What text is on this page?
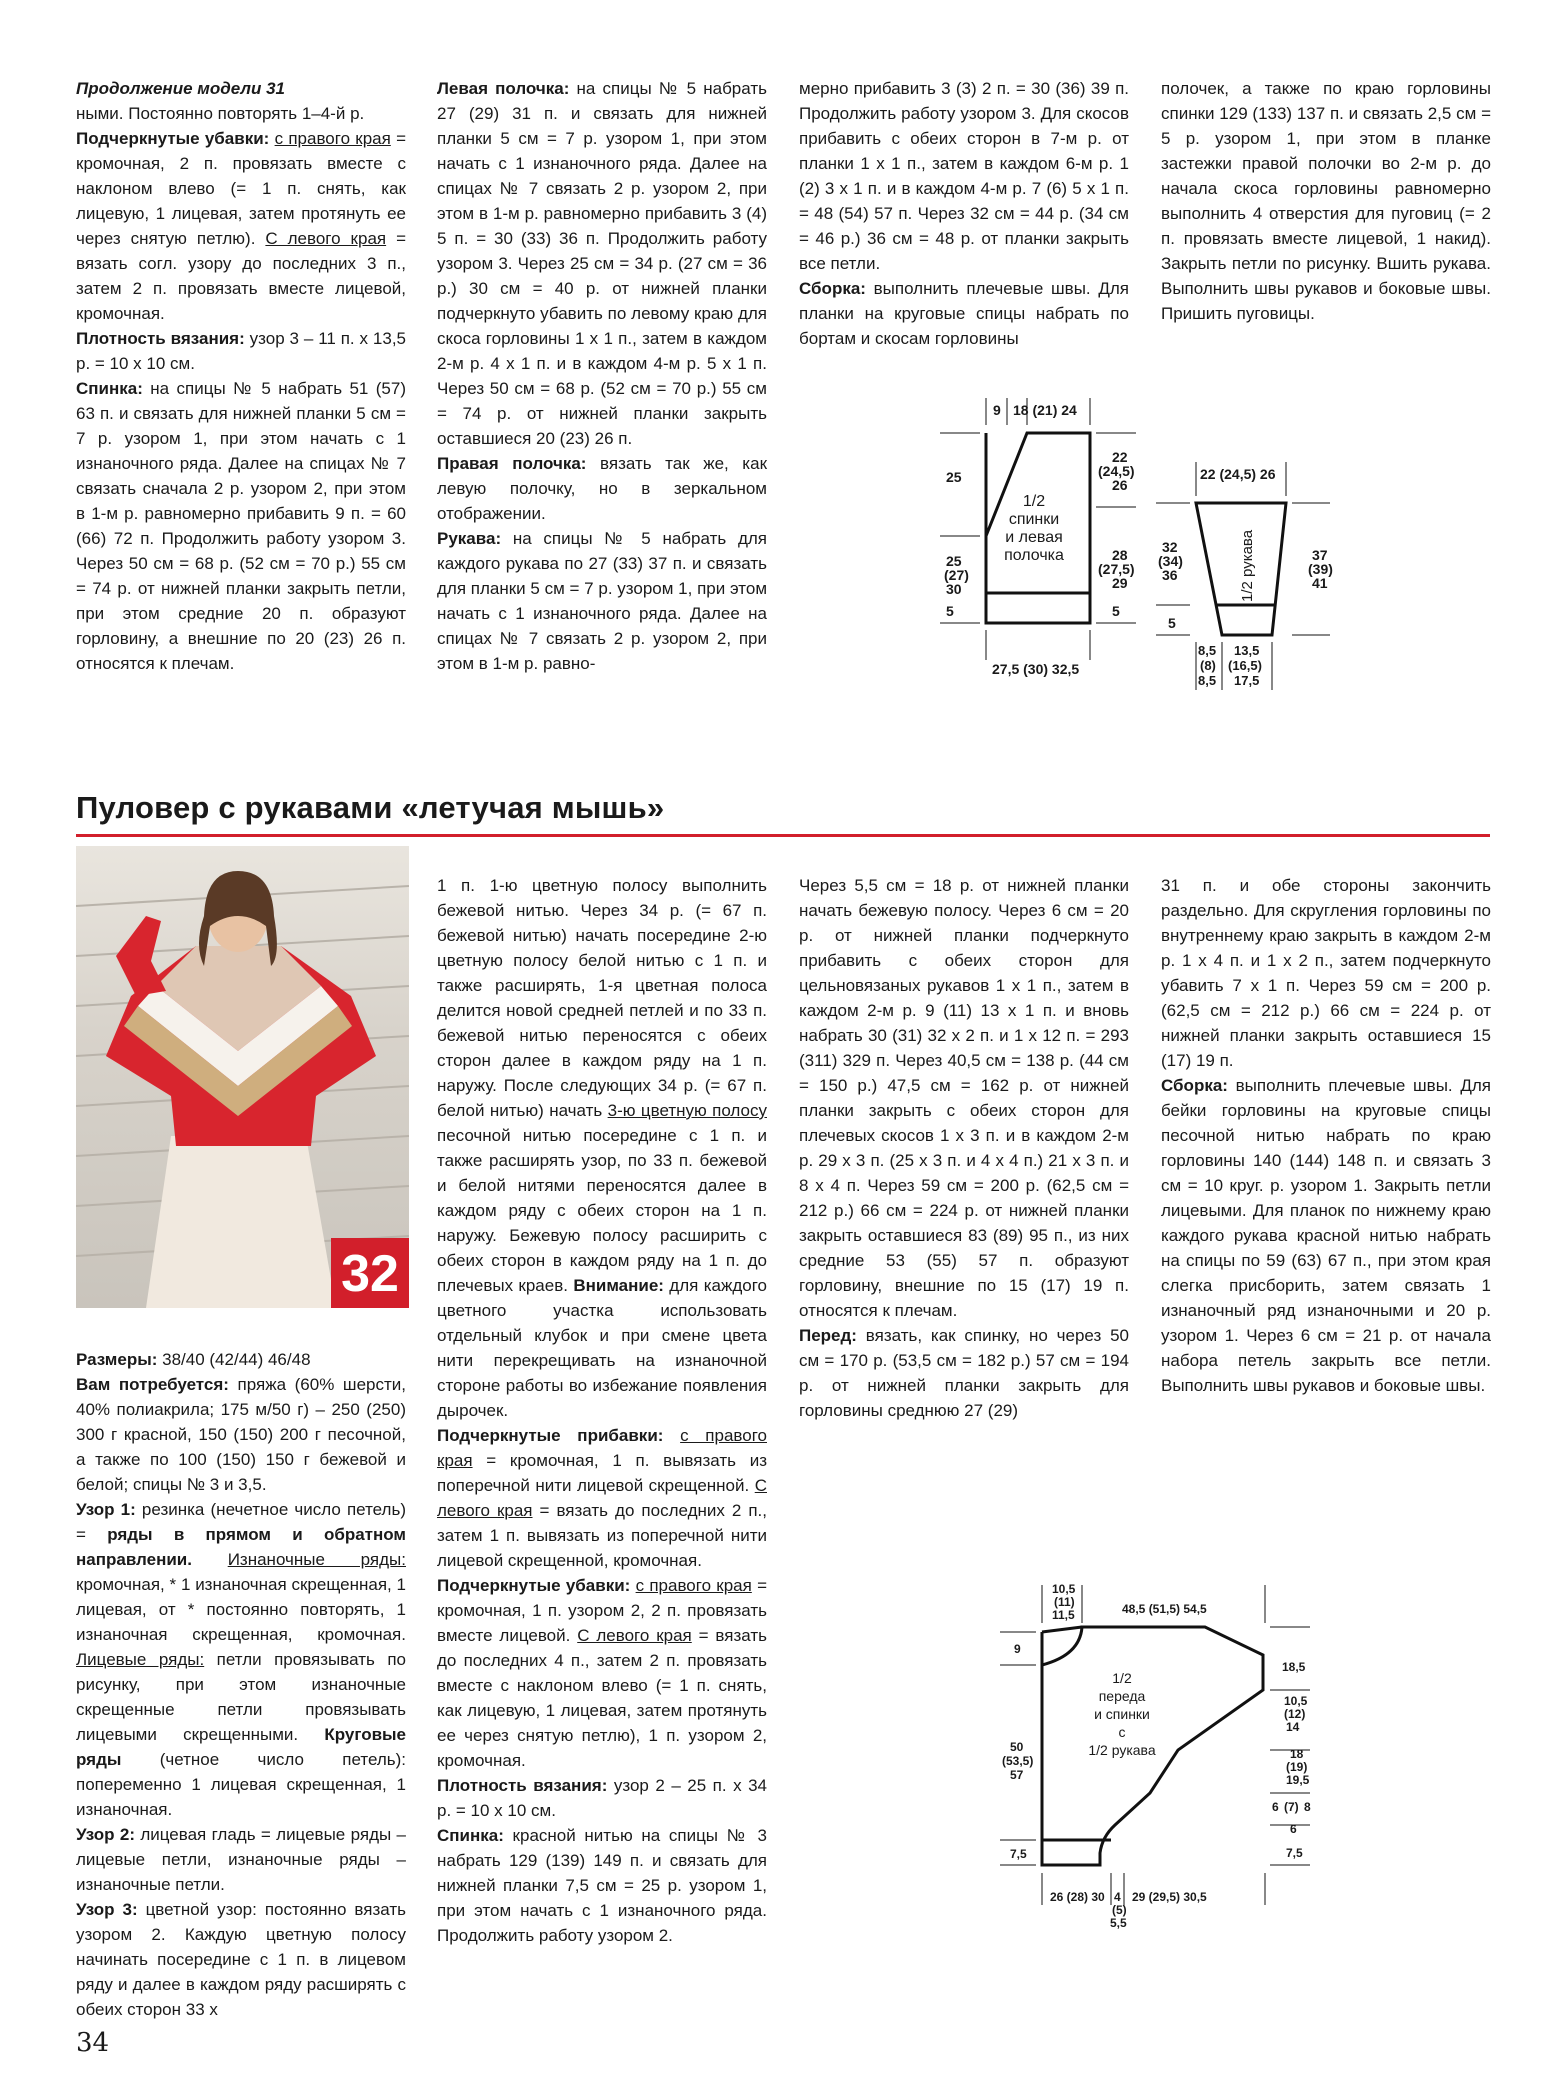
Продолжение модели 31

ными. Постоянно повторять 1–4-й р.

Подчеркнутые убавки: с правого края = кромочная, 2 п. провязать вместе с наклоном влево (= 1 п. снять, как лицевую, 1 лицевая, затем протянуть ее через снятую петлю). С левого края = вязать согл. узору до последних 3 п., затем 2 п. провязать вместе лицевой, кромочная.

Плотность вязания: узор 3 – 11 п. х 13,5 р. = 10 х 10 см.

Спинка: на спицы № 5 набрать 51 (57) 63 п. и связать для нижней планки 5 см = 7 р. узором 1, при этом начать с 1 изнаночного ряда. Далее на спицах № 7 связать сначала 2 р. узором 2, при этом в 1-м р. равномерно прибавить 9 п. = 60 (66) 72 п. Продолжить работу узором 3. Через 50 см = 68 р. (52 см = 70 р.) 55 см = 74 р. от нижней планки закрыть петли, при этом средние 20 п. образуют горловину, а внешние по 20 (23) 26 п. относятся к плечам.

Левая полочка: на спицы № 5 набрать 27 (29) 31 п. и связать для нижней планки 5 см = 7 р. узором 1, при этом начать с 1 изнаночного ряда. Далее на спицах № 7 связать 2 р. узором 2, при этом в 1-м р. равномерно прибавить 3 (4) 5 п. = 30 (33) 36 п. Продолжить работу узором 3. Через 25 см = 34 р. (27 см = 36 р.) 30 см = 40 р. от нижней планки подчеркнуто убавить по левому краю для скоса горловины 1 х 1 п., затем в каждом 2-м р. 4 х 1 п. и в каждом 4-м р. 5 х 1 п. Через 50 см = 68 р. (52 см = 70 р.) 55 см = 74 р. от нижней планки закрыть оставшиеся 20 (23) 26 п.

Правая полочка: вязать так же, как левую полочку, но в зеркальном отображении.

Рукава: на спицы № 5 набрать для каждого рукава по 27 (33) 37 п. и связать для планки 5 см = 7 р. узором 1, при этом начать с 1 изнаночного ряда. Далее на спицах № 7 связать 2 р. узором 2, при этом в 1-м р. равно-

мерно прибавить 3 (3) 2 п. = 30 (36) 39 п. Продолжить работу узором 3. Для скосов прибавить с обеих сторон в 7-м р. от планки 1 х 1 п., затем в каждом 6-м р. 1 (2) 3 х 1 п. и в каждом 4-м р. 7 (6) 5 х 1 п. = 48 (54) 57 п. Через 32 см = 44 р. (34 см = 46 р.) 36 см = 48 р. от планки закрыть все петли.

Сборка: выполнить плечевые швы. Для планки на круговые спицы набрать по бортам и скосам горловины

полочек, а также по краю горловины спинки 129 (133) 137 п. и связать 2,5 см = 5 р. узором 1, при этом в планке застежки правой полочки во 2-м р. до начала скоса горловины равномерно выполнить 4 отверстия для пуговиц (= 2 п. провязать вместе лицевой, 1 накид). Закрыть петли по рисунку. Вшить рукава. Выполнить швы рукавов и боковые швы. Пришить пуговицы.

9 18 (21) 24
25
25
(27)
30
5
22
(24,5)
26
28
(27,5)
29
5
27,5 (30) 32,5
1/2
спинки
и левая
полочка
22 (24,5) 26
32
(34)
36
5
37
(39)
41
8,5
(8)
8,5
13,5
(16,5)
17,5
1/2 рукава
Пуловер с рукавами «летучая мышь»
32

Размеры: 38/40 (42/44) 46/48

Вам потребуется: пряжа (60% шерсти, 40% полиакрила; 175 м/50 г) – 250 (250) 300 г красной, 150 (150) 200 г песочной, а также по 100 (150) 150 г бежевой и белой; спицы № 3 и 3,5.

Узор 1: резинка (нечетное число петель) = ряды в прямом и обратном направлении. Изнаночные ряды: кромочная, * 1 изнаночная скрещенная, 1 лицевая, от * постоянно повторять, 1 изнаночная скрещенная, кромочная. Лицевые ряды: петли провязывать по рисунку, при этом изнаночные скрещенные петли провязывать лицевыми скрещенными. Круговые ряды (четное число петель): попеременно 1 лицевая скрещенная, 1 изнаночная.

Узор 2: лицевая гладь = лицевые ряды – лицевые петли, изнаночные ряды – изнаночные петли.

Узор 3: цветной узор: постоянно вязать узором 2. Каждую цветную полосу начинать посередине с 1 п. в лицевом ряду и далее в каждом ряду расширять с обеих сторон 33 х

1 п. 1-ю цветную полосу выполнить бежевой нитью. Через 34 р. (= 67 п. бежевой нитью) начать посередине 2-ю цветную полосу белой нитью с 1 п. и также расширять, 1-я цветная полоса делится новой средней петлей и по 33 п. бежевой нитью переносятся с обеих сторон далее в каждом ряду на 1 п. наружу. После следующих 34 р. (= 67 п. белой нитью) начать 3-ю цветную полосу песочной нитью посередине с 1 п. и также расширять узор, по 33 п. бежевой и белой нитями переносятся далее в каждом ряду с обеих сторон на 1 п. наружу. Бежевую полосу расширить с обеих сторон в каждом ряду на 1 п. до плечевых краев. Внимание: для каждого цветного участка использовать отдельный клубок и при смене цвета нити перекрещивать на изнаночной стороне работы во избежание появления дырочек.

Подчеркнутые прибавки: с правого края = кромочная, 1 п. вывязать из поперечной нити лицевой скрещенной. С левого края = вязать до последних 2 п., затем 1 п. вывязать из поперечной нити лицевой скрещенной, кромочная.

Подчеркнутые убавки: с правого края = кромочная, 1 п. узором 2, 2 п. провязать вместе лицевой. С левого края = вязать до последних 4 п., затем 2 п. провязать вместе с наклоном влево (= 1 п. снять, как лицевую, 1 лицевая, затем протянуть ее через снятую петлю), 1 п. узором 2, кромочная.

Плотность вязания: узор 2 – 25 п. х 34 р. = 10 х 10 см.

Спинка: красной нитью на спицы № 3 набрать 129 (139) 149 п. и связать для нижней планки 7,5 см = 25 р. узором 1, при этом начать с 1 изнаночного ряда. Продолжить работу узором 2.

Через 5,5 см = 18 р. от нижней планки начать бежевую полосу. Через 6 см = 20 р. от нижней планки подчеркнуто прибавить с обеих сторон для цельновязаных рукавов 1 х 1 п., затем в каждом 2-м р. 9 (11) 13 х 1 п. и вновь набрать 30 (31) 32 х 2 п. и 1 х 12 п. = 293 (311) 329 п. Через 40,5 см = 138 р. (44 см = 150 р.) 47,5 см = 162 р. от нижней планки закрыть с обеих сторон для плечевых скосов 1 х 3 п. и в каждом 2-м р. 29 х 3 п. (25 х 3 п. и 4 х 4 п.) 21 х 3 п. и 8 х 4 п. Через 59 см = 200 р. (62,5 см = 212 р.) 66 см = 224 р. от нижней планки закрыть оставшиеся 83 (89) 95 п., из них средние 53 (55) 57 п. образуют горловину, внешние по 15 (17) 19 п. относятся к плечам.

Перед: вязать, как спинку, но через 50 см = 170 р. (53,5 см = 182 р.) 57 см = 194 р. от нижней планки закрыть для горловины среднюю 27 (29)

31 п. и обе стороны закончить раздельно. Для скругления горловины по внутреннему краю закрыть в каждом 2-м р. 1 х 4 п. и 1 х 2 п., затем подчеркнуто убавить 7 х 1 п. Через 59 см = 200 р. (62,5 см = 212 р.) 66 см = 224 р. от нижней планки закрыть оставшиеся 15 (17) 19 п.

Сборка: выполнить плечевые швы. Для бейки горловины на круговые спицы песочной нитью набрать по краю горловины 140 (144) 148 п. и связать 3 см = 10 круг. р. узором 1. Закрыть петли лицевыми. Для планок по нижнему краю каждого рукава красной нитью набрать на спицы по 59 (63) 67 п., при этом края слегка присборить, затем связать 1 изнаночный ряд изнаночными и 20 р. узором 1. Через 6 см = 21 р. от начала набора петель закрыть все петли. Выполнить швы рукавов и боковые швы.

10,5
(11)
11,5	48,5 (51,5) 54,5
9
50
(53,5)
57
7,5
18,5
10,5
(12)
14
18
(19)
19,5
6 (7) 8
6
7,5
26 (28) 30 4
(5)
5,5
29 (29,5) 30,5
1/2
переда
и спинки
с
1/2 рукава
34
